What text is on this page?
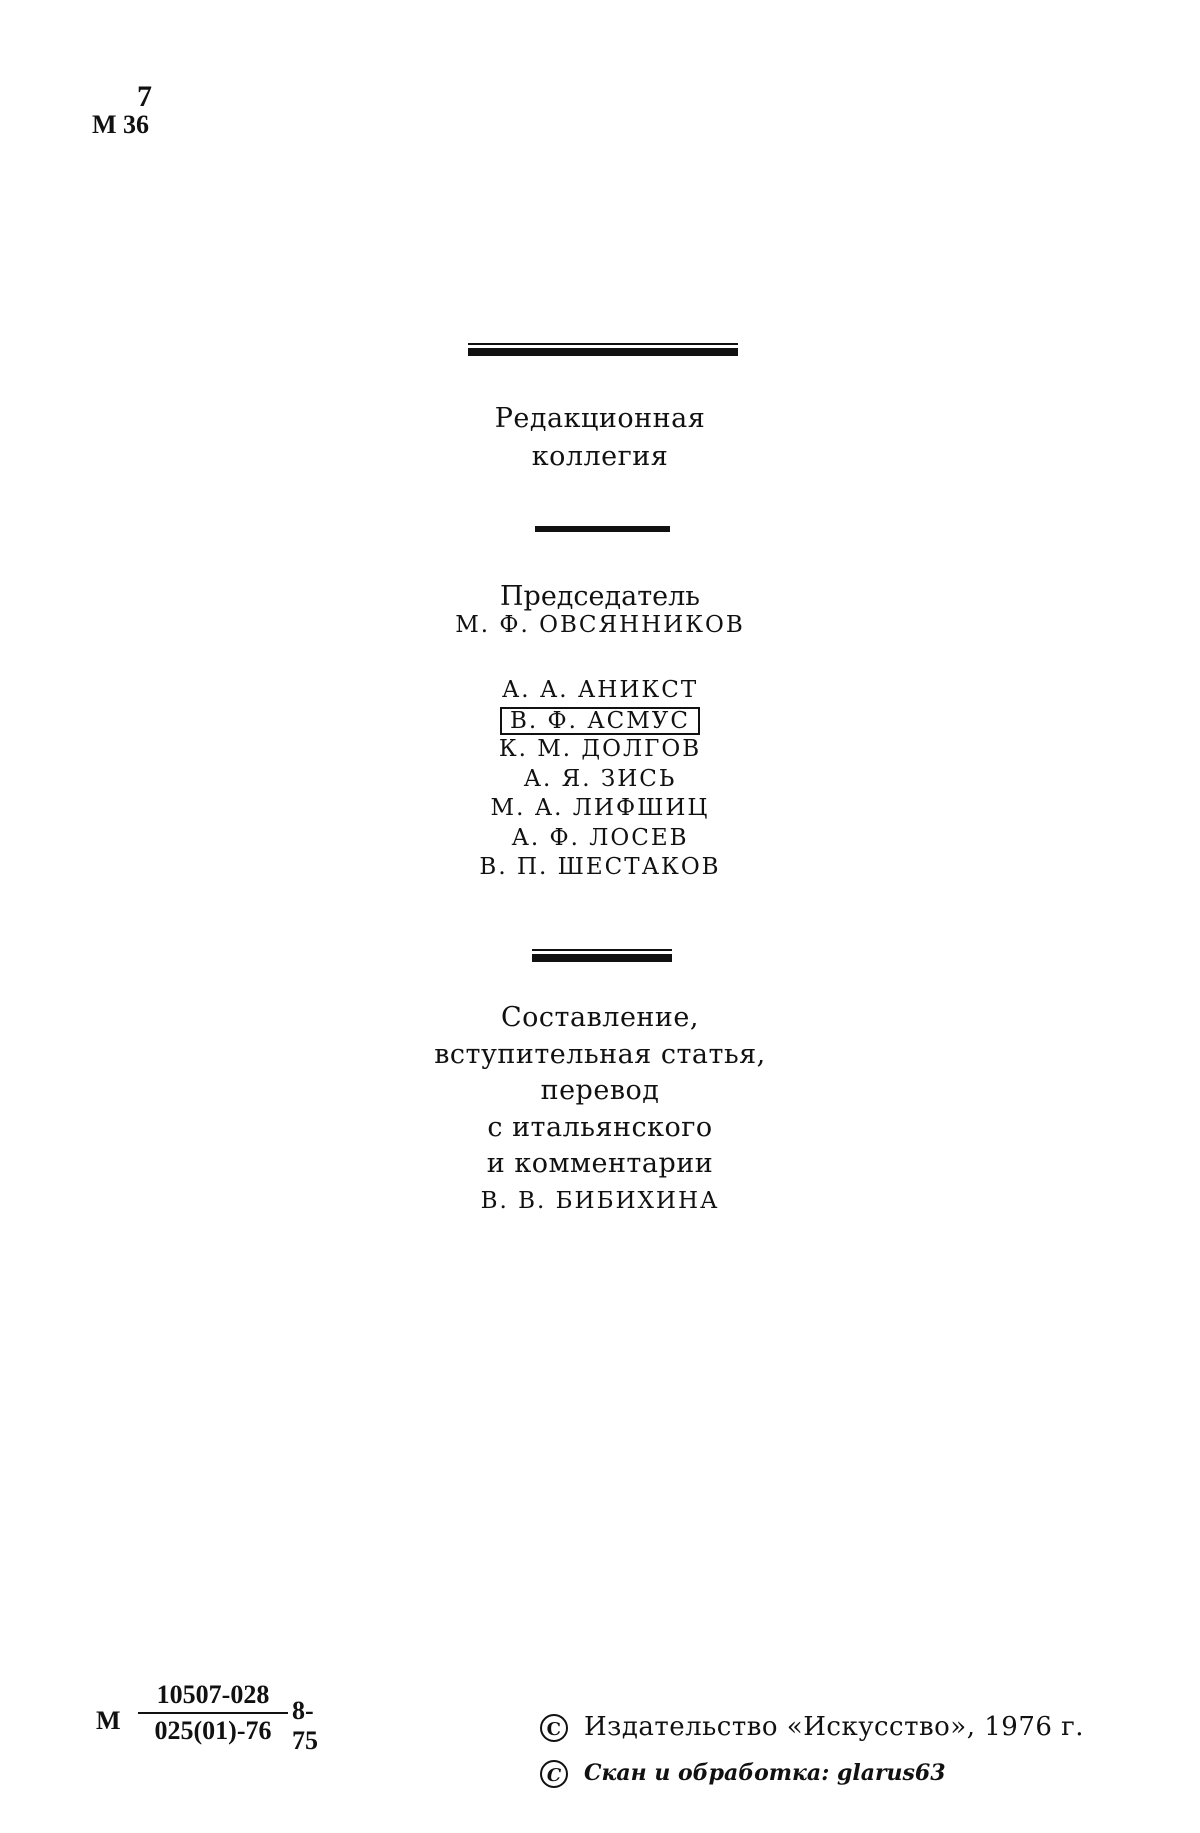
7
М 36
Редакционная
коллегия
Председатель
М. Ф. ОВСЯННИКОВ
А. А. АНИКСТ
В. Ф. АСМУС
К. М. ДОЛГОВ
А. Я. ЗИСЬ
М. А. ЛИФШИЦ
А. Ф. ЛОСЕВ
В. П. ШЕСТАКОВ
Составление,
вступительная статья,
перевод
с итальянского
и комментарии
В. В. БИБИХИНА
М $\frac{10507-028}{025(01)-76} 8-75$	C Издательство «Искусство», 1976 г.
C Скан и обработка: glarus63
